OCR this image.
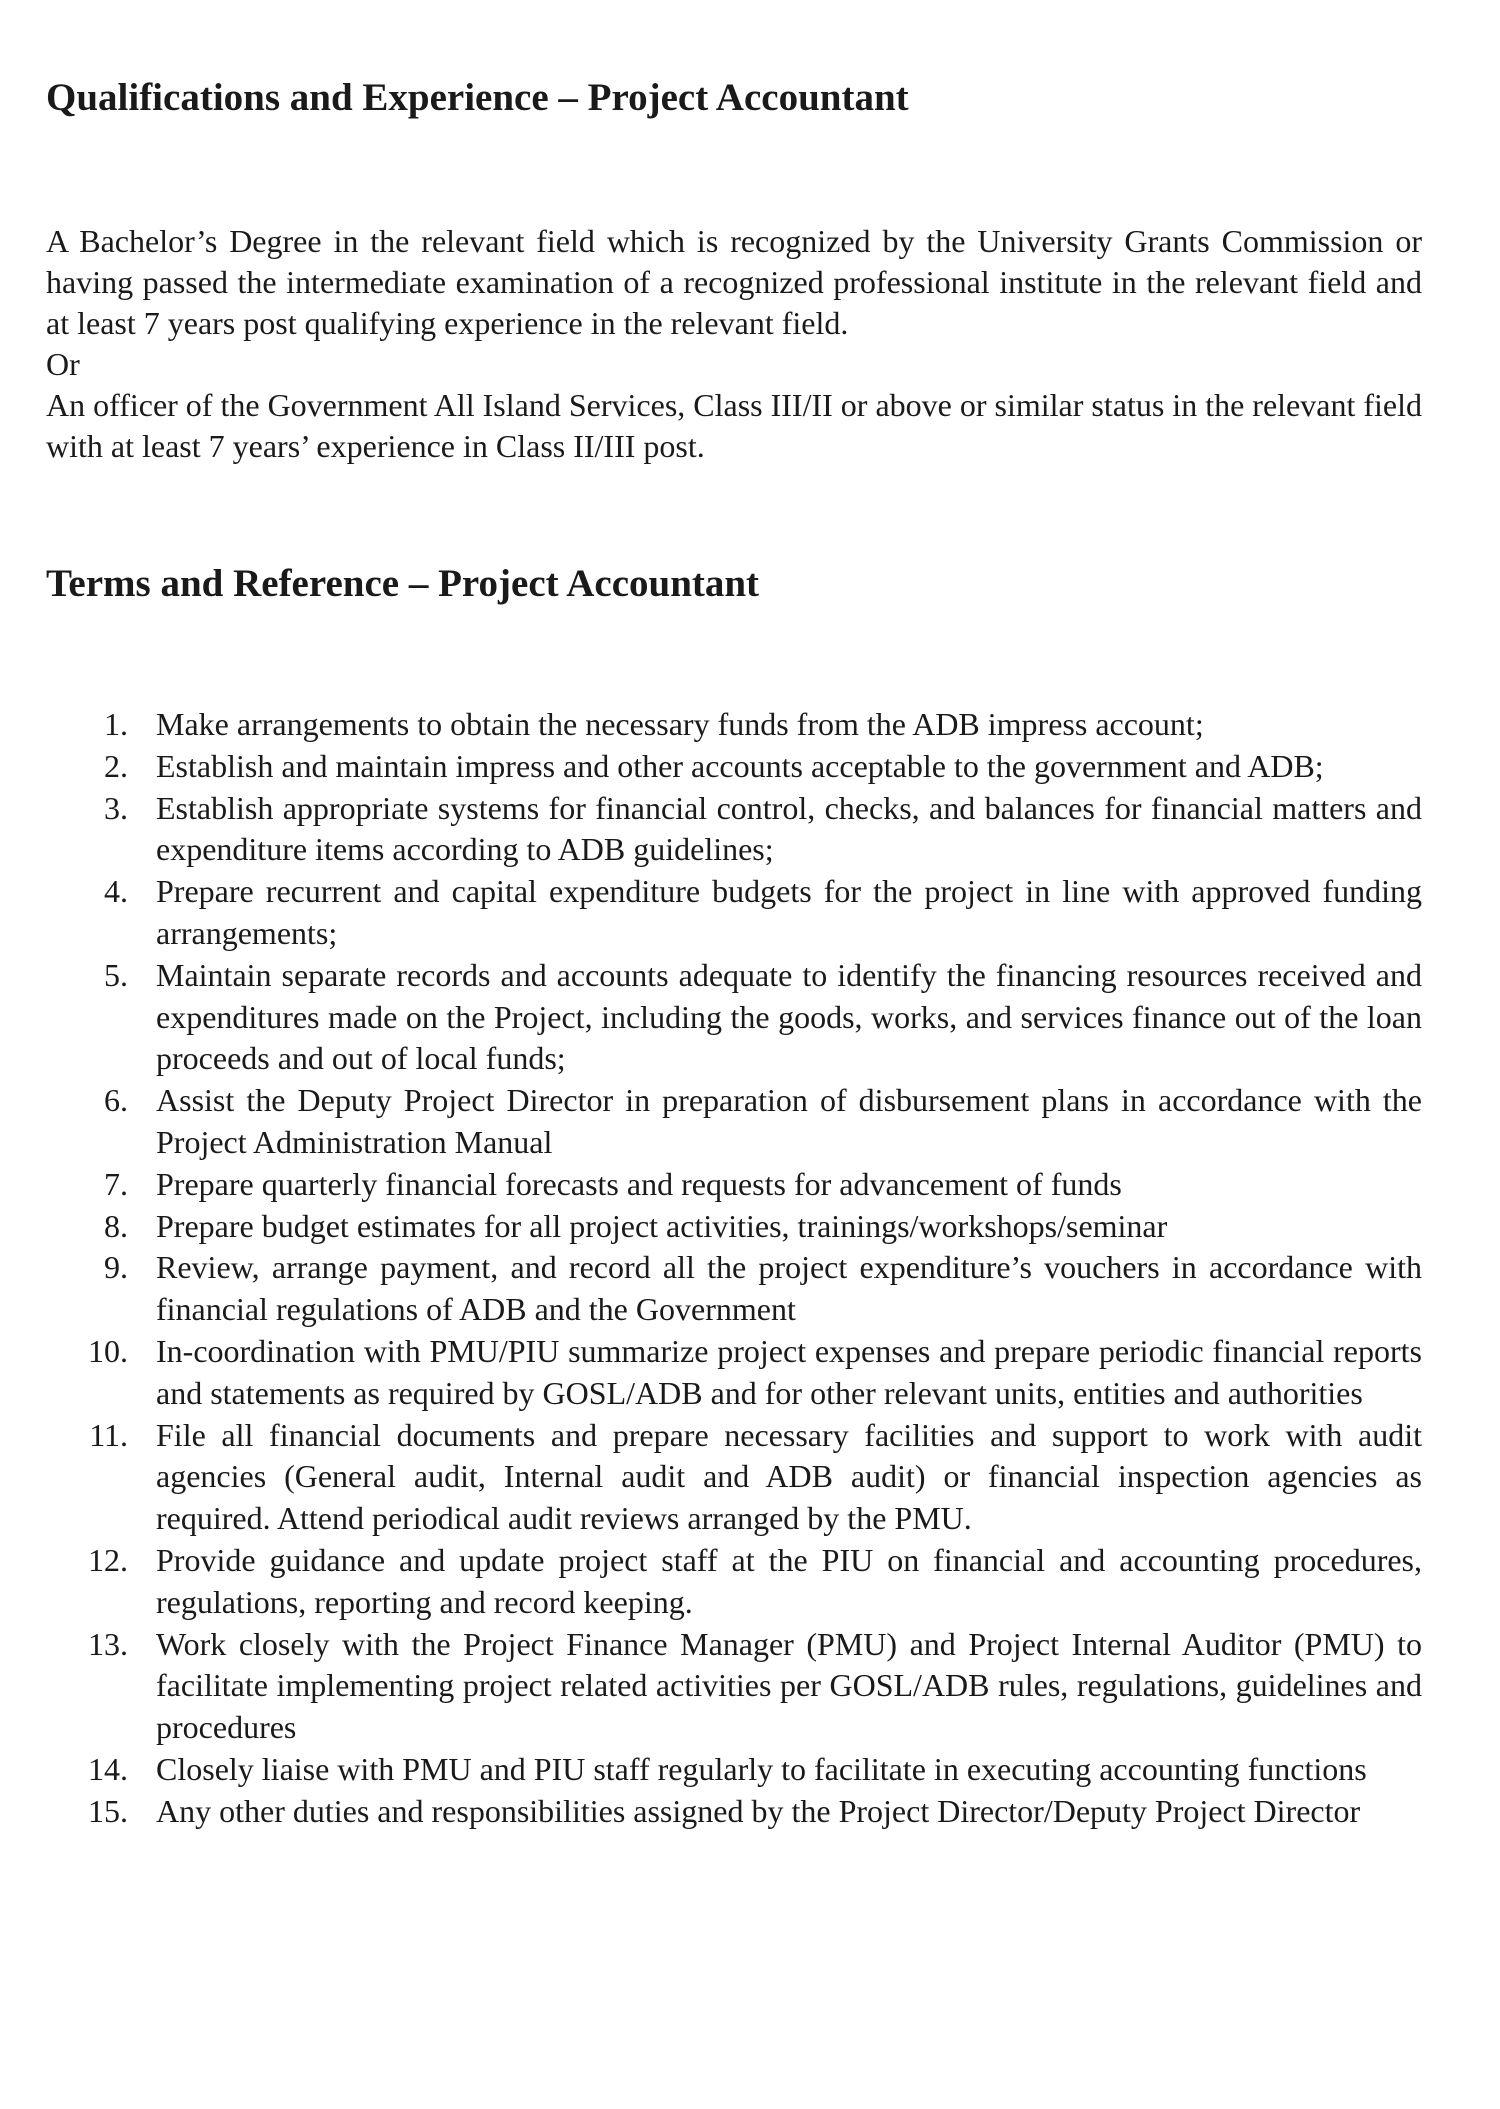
Qualifications and Experience – Project Accountant

A Bachelor’s Degree in the relevant field which is recognized by the University Grants Commission or having passed the intermediate examination of a recognized professional institute in the relevant field and at least 7 years post qualifying experience in the relevant field.

Or

An officer of the Government All Island Services, Class III/II or above or similar status in the relevant field with at least 7 years’ experience in Class II/III post.

Terms and Reference – Project Accountant
1. Make arrangements to obtain the necessary funds from the ADB impress account;
2. Establish and maintain impress and other accounts acceptable to the government and ADB;
3. Establish appropriate systems for financial control, checks, and balances for financial matters and expenditure items according to ADB guidelines;
4. Prepare recurrent and capital expenditure budgets for the project in line with approved funding arrangements;
5. Maintain separate records and accounts adequate to identify the financing resources received and expenditures made on the Project, including the goods, works, and services finance out of the loan proceeds and out of local funds;
6. Assist the Deputy Project Director in preparation of disbursement plans in accordance with the Project Administration Manual
7. Prepare quarterly financial forecasts and requests for advancement of funds
8. Prepare budget estimates for all project activities, trainings/workshops/seminar
9. Review, arrange payment, and record all the project expenditure’s vouchers in accordance with financial regulations of ADB and the Government
10. In-coordination with PMU/PIU summarize project expenses and prepare periodic financial reports and statements as required by GOSL/ADB and for other relevant units, entities and authorities
11. File all financial documents and prepare necessary facilities and support to work with audit agencies (General audit, Internal audit and ADB audit) or financial inspection agencies as required. Attend periodical audit reviews arranged by the PMU.
12. Provide guidance and update project staff at the PIU on financial and accounting procedures, regulations, reporting and record keeping.
13. Work closely with the Project Finance Manager (PMU) and Project Internal Auditor (PMU) to facilitate implementing project related activities per GOSL/ADB rules, regulations, guidelines and procedures
14. Closely liaise with PMU and PIU staff regularly to facilitate in executing accounting functions
15. Any other duties and responsibilities assigned by the Project Director/Deputy Project Director
